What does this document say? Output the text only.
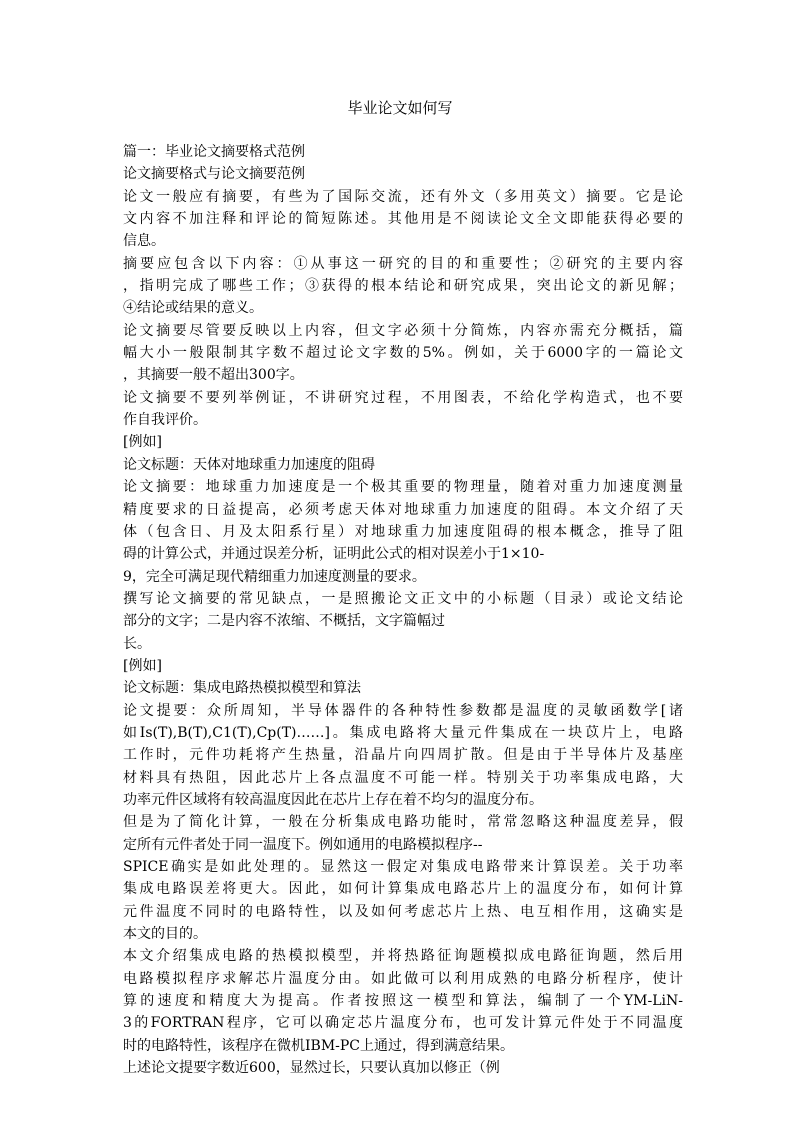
毕业论文如何写
篇一：毕业论文摘要格式范例
论文摘要格式与论文摘要范例
论文一般应有摘要，有些为了国际交流，还有外文（多用英文）摘要。它是论
文内容不加注释和评论的简短陈述。其他用是不阅读论文全文即能获得必要的
信息。
摘要应包含以下内容：①从事这一研究的目的和重要性；②研究的主要内容
，指明完成了哪些工作；③获得的根本结论和研究成果，突出论文的新见解；
④结论或结果的意义。
论文摘要尽管要反映以上内容，但文字必须十分简炼，内容亦需充分概括，篇
幅大小一般限制其字数不超过论文字数的5%。例如，关于6000字的一篇论文
，其摘要一般不超出300字。
论文摘要不要列举例证，不讲研究过程，不用图表，不给化学构造式，也不要
作自我评价。
[例如]
论文标题：天体对地球重力加速度的阻碍
论文摘要：地球重力加速度是一个极其重要的物理量，随着对重力加速度测量
精度要求的日益提高，必须考虑天体对地球重力加速度的阻碍。本文介绍了天
体（包含日、月及太阳系行星）对地球重力加速度阻碍的根本概念，推导了阻
碍的计算公式，并通过误差分析，证明此公式的相对误差小于1×10-
9，完全可满足现代精细重力加速度测量的要求。
撰写论文摘要的常见缺点，一是照搬论文正文中的小标题（目录）或论文结论
部分的文字；二是内容不浓缩、不概括，文字篇幅过
长。
[例如]
论文标题：集成电路热模拟模型和算法
论文提要：众所周知，半导体器件的各种特性参数都是温度的灵敏函数学[诸
如Is(T),B(T),C1(T),Cp(T)……]。集成电路将大量元件集成在一块苡片上，电路
工作时，元件功耗将产生热量，沿晶片向四周扩散。但是由于半导体片及基座
材料具有热阻，因此芯片上各点温度不可能一样。特别关于功率集成电路，大
功率元件区域将有较高温度因此在芯片上存在着不均匀的温度分布。
但是为了简化计算，一般在分析集成电路功能时，常常忽略这种温度差异，假
定所有元件者处于同一温度下。例如通用的电路模拟程序--
SPICE确实是如此处理的。显然这一假定对集成电路带来计算误差。关于功率
集成电路误差将更大。因此，如何计算集成电路芯片上的温度分布，如何计算
元件温度不同时的电路特性，以及如何考虑芯片上热、电互相作用，这确实是
本文的目的。
本文介绍集成电路的热模拟模型，并将热路征询题模拟成电路征询题，然后用
电路模拟程序求解芯片温度分由。如此做可以利用成熟的电路分析程序，使计
算的速度和精度大为提高。作者按照这一模型和算法，编制了一个YM-LiN-
3的FORTRAN程序，它可以确定芯片温度分布，也可发计算元件处于不同温度
时的电路特性，该程序在微机IBM-PC上通过，得到满意结果。
上述论文提要字数近600，显然过长，只要认真加以修正（例
